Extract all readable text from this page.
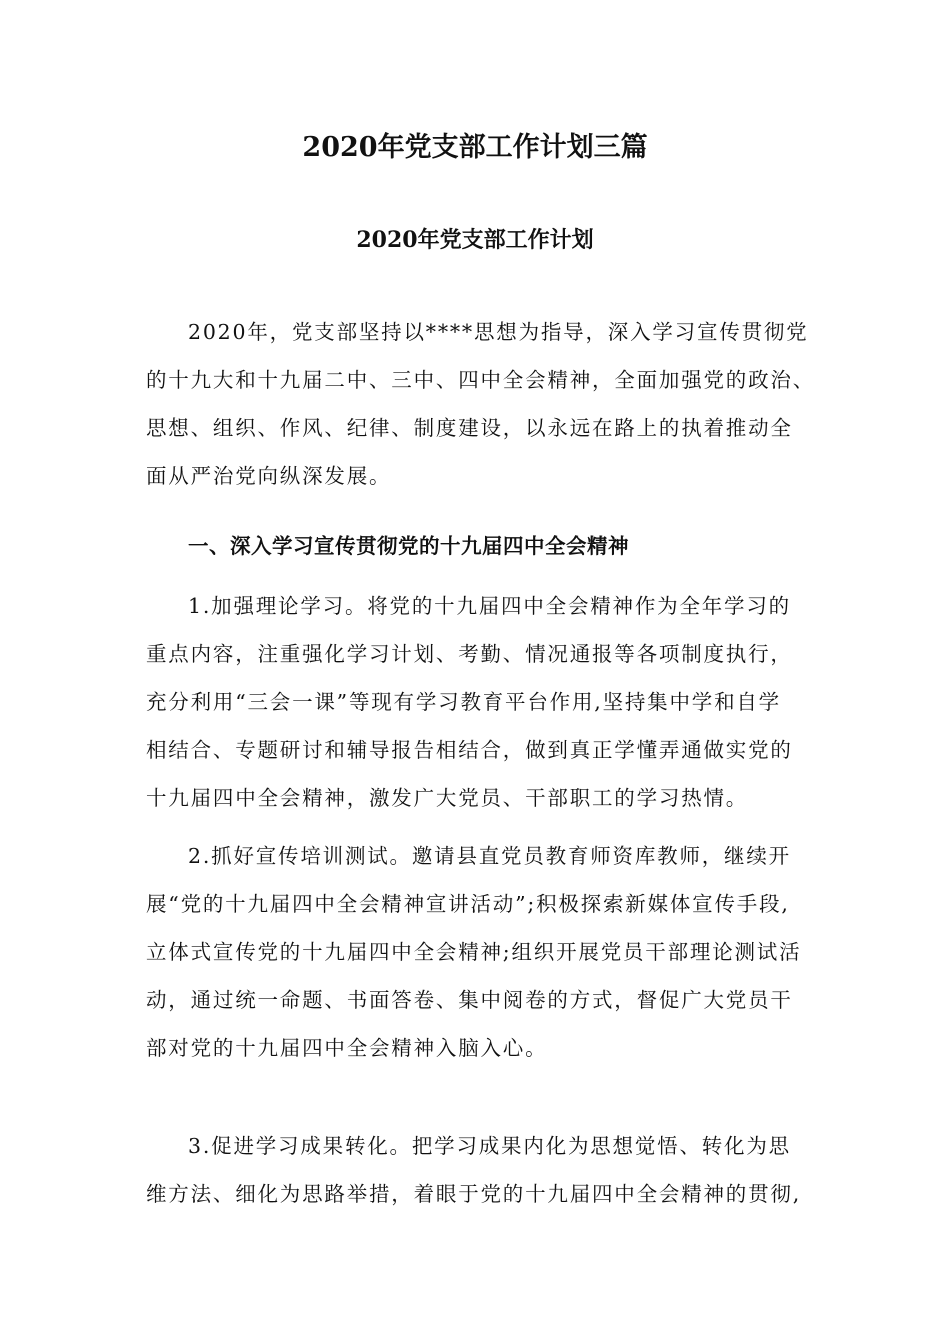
2020年党支部工作计划三篇
2020年党支部工作计划

2020年，党支部坚持以****思想为指导，深入学习宣传贯彻党
的十九大和十九届二中、三中、四中全会精神，全面加强党的政治、
思想、组织、作风、纪律、制度建设，以永远在路上的执着推动全
面从严治党向纵深发展。

一、深入学习宣传贯彻党的十九届四中全会精神

1.加强理论学习。将党的十九届四中全会精神作为全年学习的
重点内容，注重强化学习计划、考勤、情况通报等各项制度执行，
充分利用“三会一课”等现有学习教育平台作用,坚持集中学和自学
相结合、专题研讨和辅导报告相结合，做到真正学懂弄通做实党的
十九届四中全会精神，激发广大党员、干部职工的学习热情。

2.抓好宣传培训测试。邀请县直党员教育师资库教师，继续开
展“党的十九届四中全会精神宣讲活动”;积极探索新媒体宣传手段,
立体式宣传党的十九届四中全会精神;组织开展党员干部理论测试活
动，通过统一命题、书面答卷、集中阅卷的方式，督促广大党员干
部对党的十九届四中全会精神入脑入心。

3.促进学习成果转化。把学习成果内化为思想觉悟、转化为思
维方法、细化为思路举措，着眼于党的十九届四中全会精神的贯彻,
